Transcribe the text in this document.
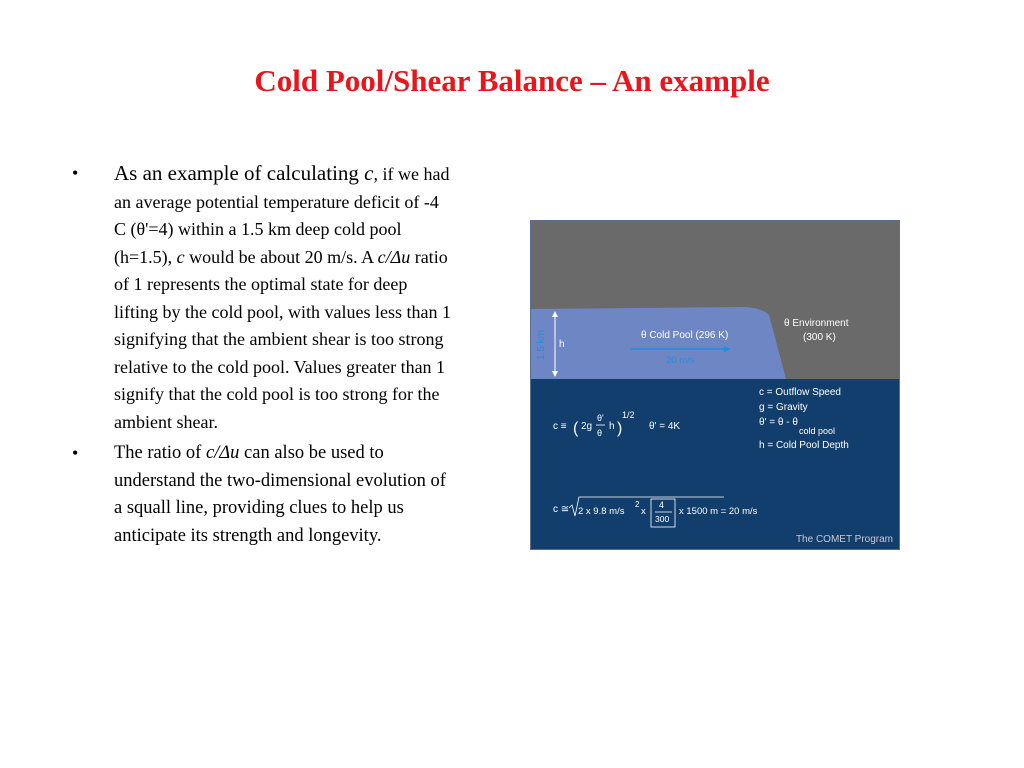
Cold Pool/Shear Balance – An example
• As an example of calculating c, if we had an average potential temperature deficit of -4 C (θ'=4) within a 1.5 km deep cold pool (h=1.5), c would be about 20 m/s. A c/Δu ratio of 1 represents the optimal state for deep lifting by the cold pool, with values less than 1 signifying that the ambient shear is too strong relative to the cold pool. Values greater than 1 signify that the cold pool is too strong for the ambient shear.
• The ratio of c/Δu can also be used to understand the two-dimensional evolution of a squall line, providing clues to help us anticipate its strength and longevity.
1.5 km h
θ Cold Pool (296 K)
20 m/s
θ Environment
(300 K)
c = Outflow Speed
g = Gravity
θ' = θ - θ
cold pool
h = Cold Pool Depth
c ≡ ( 2g
θ'
θ
h )
1/2
θ' = 4K
c ≅ 2 x 9.8 m/s
2
x
4
300
x 1500 m = 20 m/s
The COMET Program
